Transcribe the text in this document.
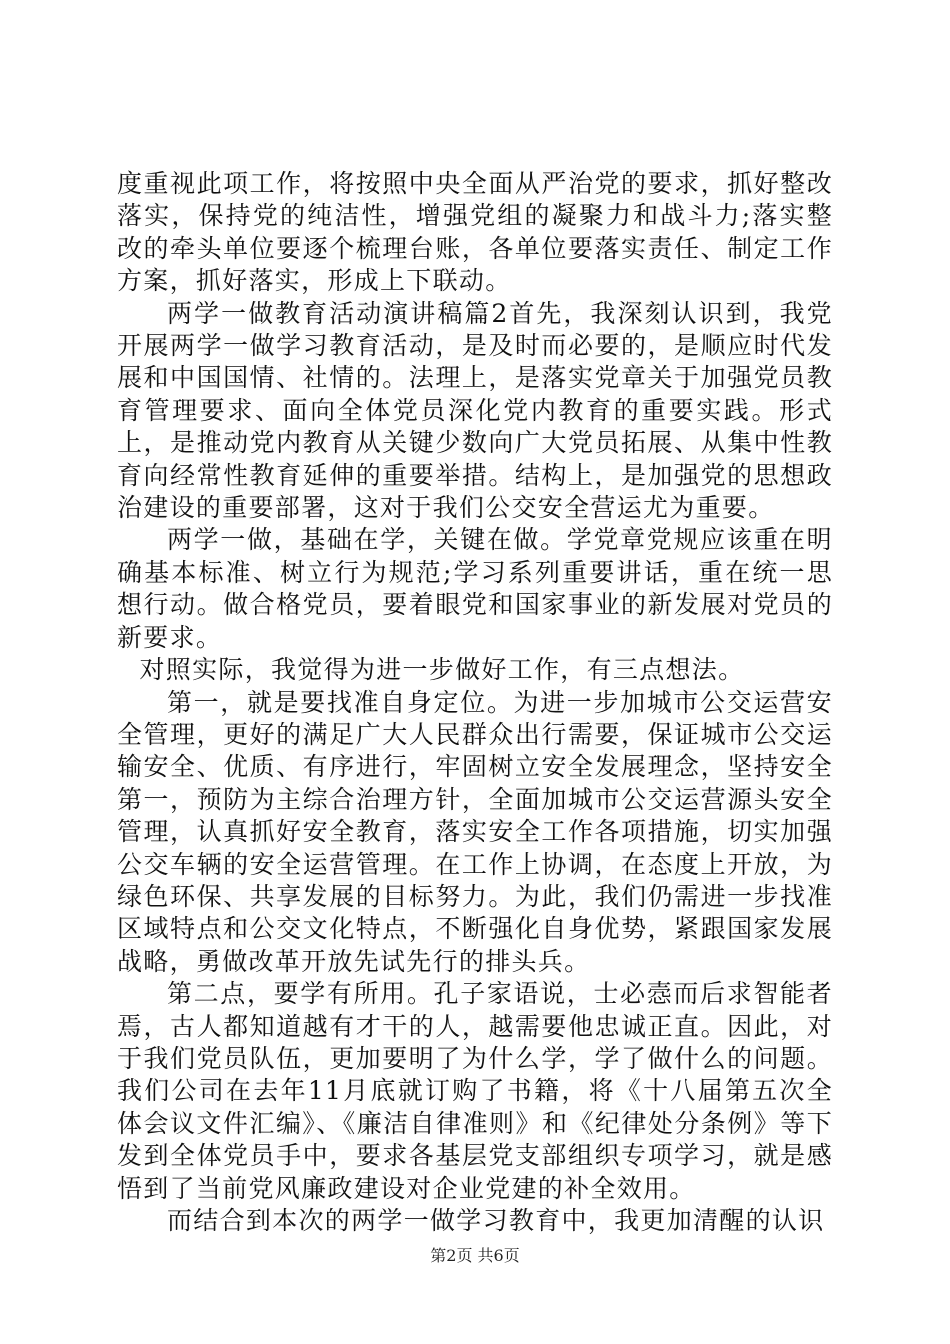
度重视此项工作，将按照中央全面从严治党的要求，抓好整改落实，保持党的纯洁性，增强党组的凝聚力和战斗力;落实整改的牵头单位要逐个梳理台账，各单位要落实责任、制定工作方案，抓好落实，形成上下联动。

两学一做教育活动演讲稿篇2首先，我深刻认识到，我党开展两学一做学习教育活动，是及时而必要的，是顺应时代发展和中国国情、社情的。法理上，是落实党章关于加强党员教育管理要求、面向全体党员深化党内教育的重要实践。形式上，是推动党内教育从关键少数向广大党员拓展、从集中性教育向经常性教育延伸的重要举措。结构上，是加强党的思想政治建设的重要部署，这对于我们公交安全营运尤为重要。

两学一做，基础在学，关键在做。学党章党规应该重在明确基本标准、树立行为规范;学习系列重要讲话，重在统一思想行动。做合格党员，要着眼党和国家事业的新发展对党员的新要求。

对照实际，我觉得为进一步做好工作，有三点想法。

第一，就是要找准自身定位。为进一步加城市公交运营安全管理，更好的满足广大人民群众出行需要，保证城市公交运输安全、优质、有序进行，牢固树立安全发展理念，坚持安全第一，预防为主综合治理方针，全面加城市公交运营源头安全管理，认真抓好安全教育，落实安全工作各项措施，切实加强公交车辆的安全运营管理。在工作上协调，在态度上开放，为绿色环保、共享发展的目标努力。为此，我们仍需进一步找准区域特点和公交文化特点，不断强化自身优势，紧跟国家发展战略，勇做改革开放先试先行的排头兵。

第二点，要学有所用。孔子家语说，士必悫而后求智能者焉，古人都知道越有才干的人，越需要他忠诚正直。因此，对于我们党员队伍，更加要明了为什么学，学了做什么的问题。我们公司在去年11月底就订购了书籍，将《十八届第五次全体会议文件汇编》、《廉洁自律准则》和《纪律处分条例》等下发到全体党员手中，要求各基层党支部组织专项学习，就是感悟到了当前党风廉政建设对企业党建的补全效用。

而结合到本次的两学一做学习教育中，我更加清醒的认识

第2页 共6页
